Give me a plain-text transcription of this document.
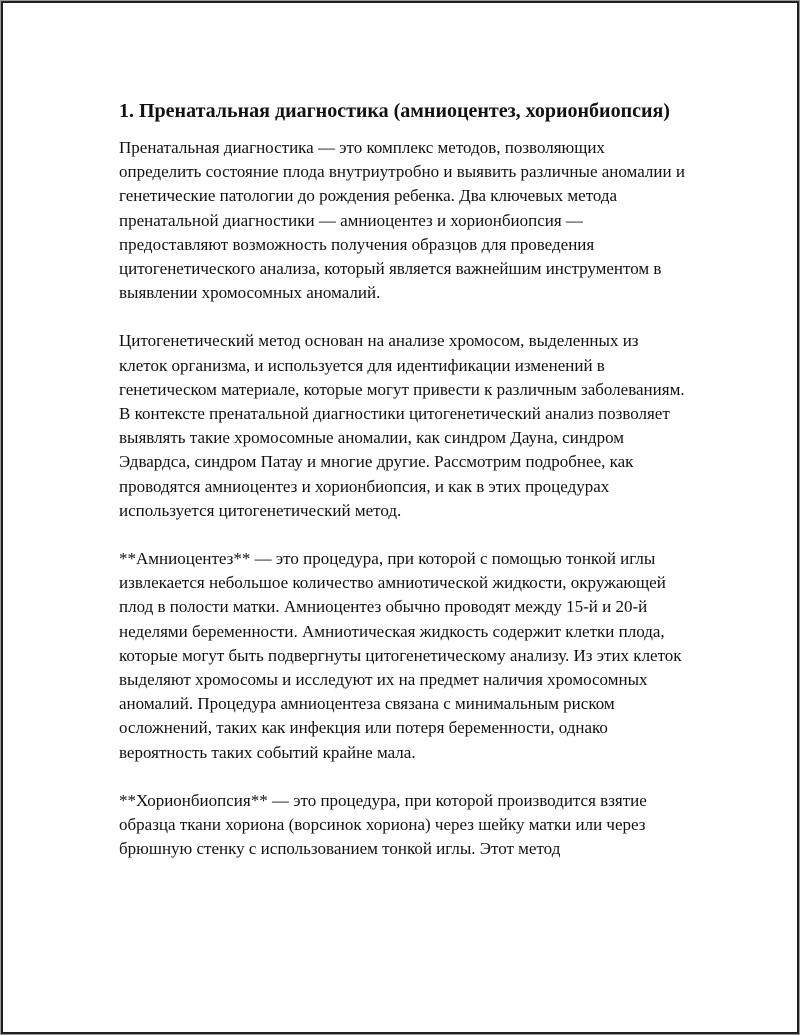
1. Пренатальная диагностика (амниоцентез, хорионбиопсия)

Пренатальная диагностика — это комплекс методов, позволяющих определить состояние плода внутриутробно и выявить различные аномалии и генетические патологии до рождения ребенка. Два ключевых метода пренатальной диагностики — амниоцентез и хорионбиопсия — предоставляют возможность получения образцов для проведения цитогенетического анализа, который является важнейшим инструментом в выявлении хромосомных аномалий.

Цитогенетический метод основан на анализе хромосом, выделенных из клеток организма, и используется для идентификации изменений в генетическом материале, которые могут привести к различным заболеваниям. В контексте пренатальной диагностики цитогенетический анализ позволяет выявлять такие хромосомные аномалии, как синдром Дауна, синдром Эдвардса, синдром Патау и многие другие. Рассмотрим подробнее, как проводятся амниоцентез и хорионбиопсия, и как в этих процедурах используется цитогенетический метод.

**Амниоцентез** — это процедура, при которой с помощью тонкой иглы извлекается небольшое количество амниотической жидкости, окружающей плод в полости матки. Амниоцентез обычно проводят между 15-й и 20-й неделями беременности. Амниотическая жидкость содержит клетки плода, которые могут быть подвергнуты цитогенетическому анализу. Из этих клеток выделяют хромосомы и исследуют их на предмет наличия хромосомных аномалий. Процедура амниоцентеза связана с минимальным риском осложнений, таких как инфекция или потеря беременности, однако вероятность таких событий крайне мала.

**Хорионбиопсия** — это процедура, при которой производится взятие образца ткани хориона (ворсинок хориона) через шейку матки или через брюшную стенку с использованием тонкой иглы. Этот метод
